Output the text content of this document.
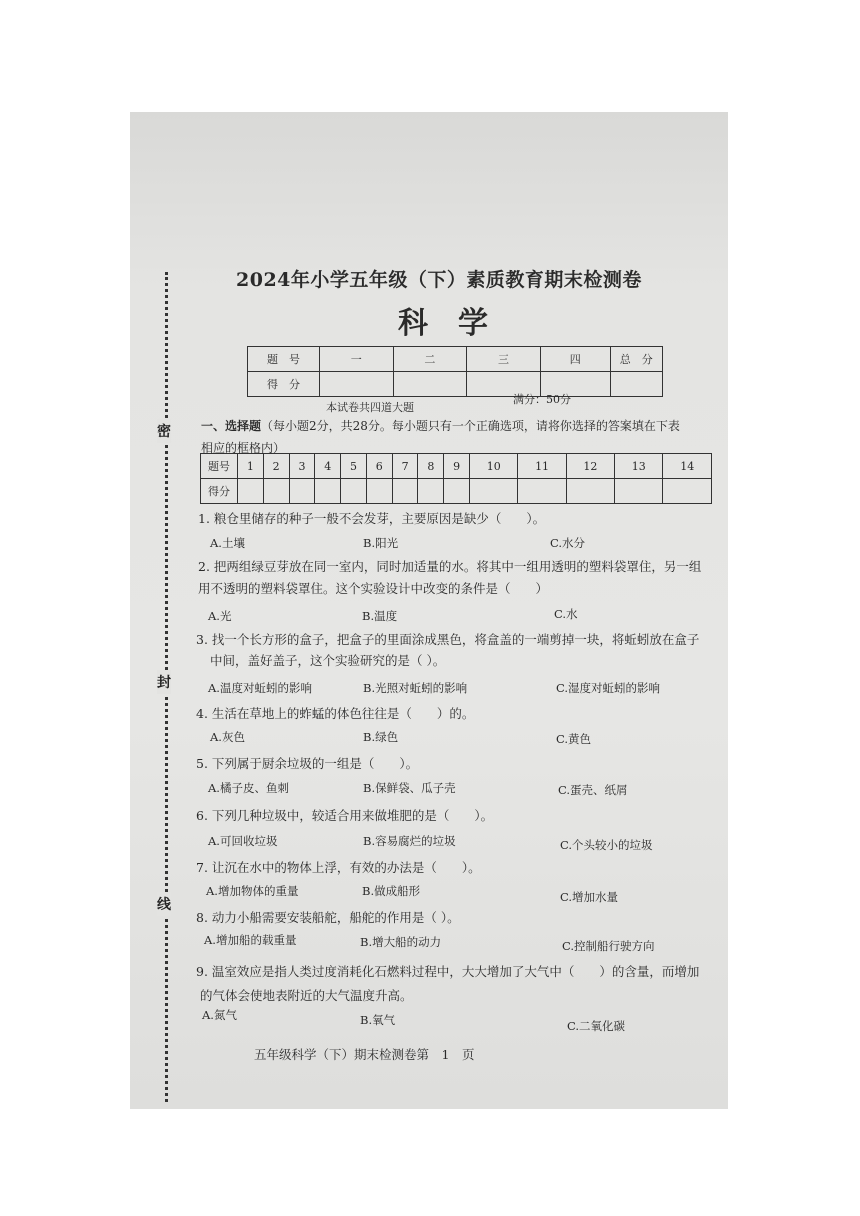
密
封
线
2024年小学五年级（下）素质教育期末检测卷
科学
题　号	一	二	三	四	总　分
得　分					
本试卷共四道大题
满分：50分
一、选择题（每小题2分，共28分。每小题只有一个正确选项，请将你选择的答案填在下表
相应的框格内）
题号	1	2	3	4	5	6	7	8	9	10	11	12	13	14
得分														
1. 粮仓里储存的种子一般不会发芽，主要原因是缺少（　　）。
A.土壤	B.阳光	C.水分
2. 把两组绿豆芽放在同一室内，同时加适量的水。将其中一组用透明的塑料袋罩住，另一组
用不透明的塑料袋罩住。这个实验设计中改变的条件是（　　）
A.光	B.温度	C.水
3. 找一个长方形的盒子，把盒子的里面涂成黑色，将盒盖的一端剪掉一块，将蚯蚓放在盒子
中间，盖好盖子，这个实验研究的是（ ）。
A.温度对蚯蚓的影响	B.光照对蚯蚓的影响	C.湿度对蚯蚓的影响
4. 生活在草地上的蚱蜢的体色往往是（　　）的。
A.灰色	B.绿色	C.黄色
5. 下列属于厨余垃圾的一组是（　　）。
A.橘子皮、鱼刺	B.保鲜袋、瓜子壳	C.蛋壳、纸屑
6. 下列几种垃圾中，较适合用来做堆肥的是（　　）。
A.可回收垃圾	B.容易腐烂的垃圾	C.个头较小的垃圾
7. 让沉在水中的物体上浮，有效的办法是（　　）。
A.增加物体的重量	B.做成船形	C.增加水量
8. 动力小船需要安装船舵，船舵的作用是（ ）。
A.增加船的载重量	B.增大船的动力	C.控制船行驶方向
9. 温室效应是指人类过度消耗化石燃料过程中，大大增加了大气中（　　）的含量，而增加
的气体会使地表附近的大气温度升高。
A.氮气	B.氧气	C.二氧化碳
五年级科学（下）期末检测卷第　1　页
